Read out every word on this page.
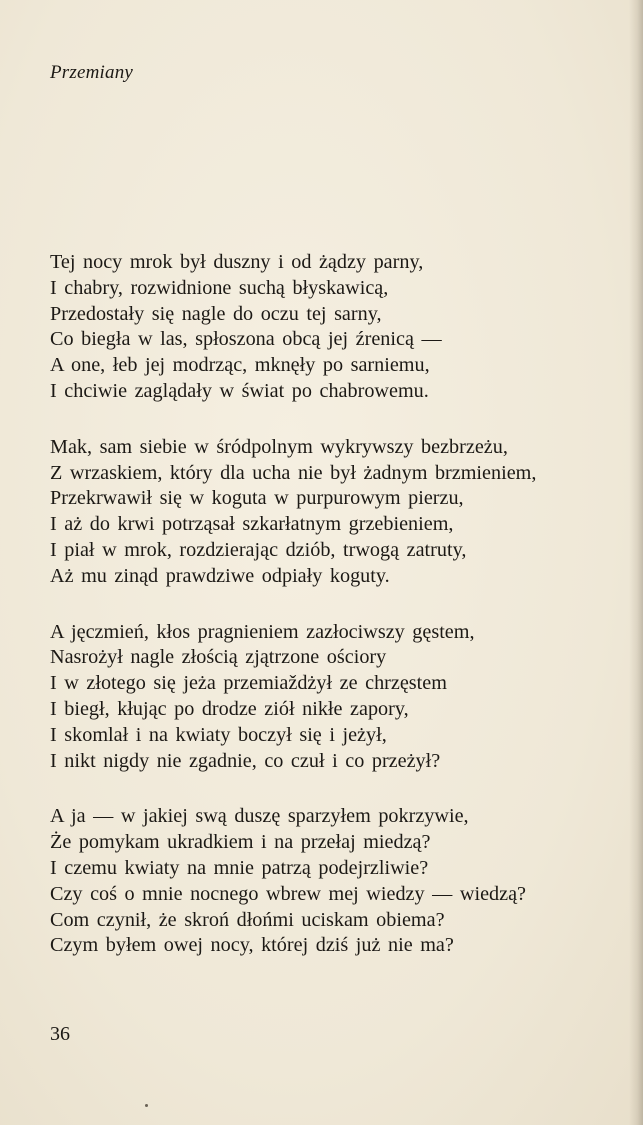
Przemiany
Tej nocy mrok był duszny i od żądzy parny,
I chabry, rozwidnione suchą błyskawicą,
Przedostały się nagle do oczu tej sarny,
Co biegła w las, spłoszona obcą jej źrenicą —
A one, łeb jej modrząc, mknęły po sarniemu,
I chciwie zaglądały w świat po chabrowemu.
Mak, sam siebie w śródpolnym wykrywszy bezbrzeżu,
Z wrzaskiem, który dla ucha nie był żadnym brzmieniem,
Przekrwawił się w koguta w purpurowym pierzu,
I aż do krwi potrząsał szkarłatnym grzebieniem,
I piał w mrok, rozdzierając dziób, trwogą zatruty,
Aż mu zinąd prawdziwe odpiały koguty.
A jęczmień, kłos pragnieniem zazłociwszy gęstem,
Nasrożył nagle złością zjątrzone ościory
I w złotego się jeża przemiaždżył ze chrzęstem
I biegł, kłując po drodze ziół nikłe zapory,
I skomlał i na kwiaty boczył się i jeżył,
I nikt nigdy nie zgadnie, co czuł i co przeżył?
A ja — w jakiej swą duszę sparzyłem pokrzywie,
Że pomykam ukradkiem i na przełaj miedzą?
I czemu kwiaty na mnie patrzą podejrzliwie?
Czy coś o mnie nocnego wbrew mej wiedzy — wiedzą?
Com czynił, że skroń dłońmi uciskam obiema?
Czym byłem owej nocy, której dziś już nie ma?
36
